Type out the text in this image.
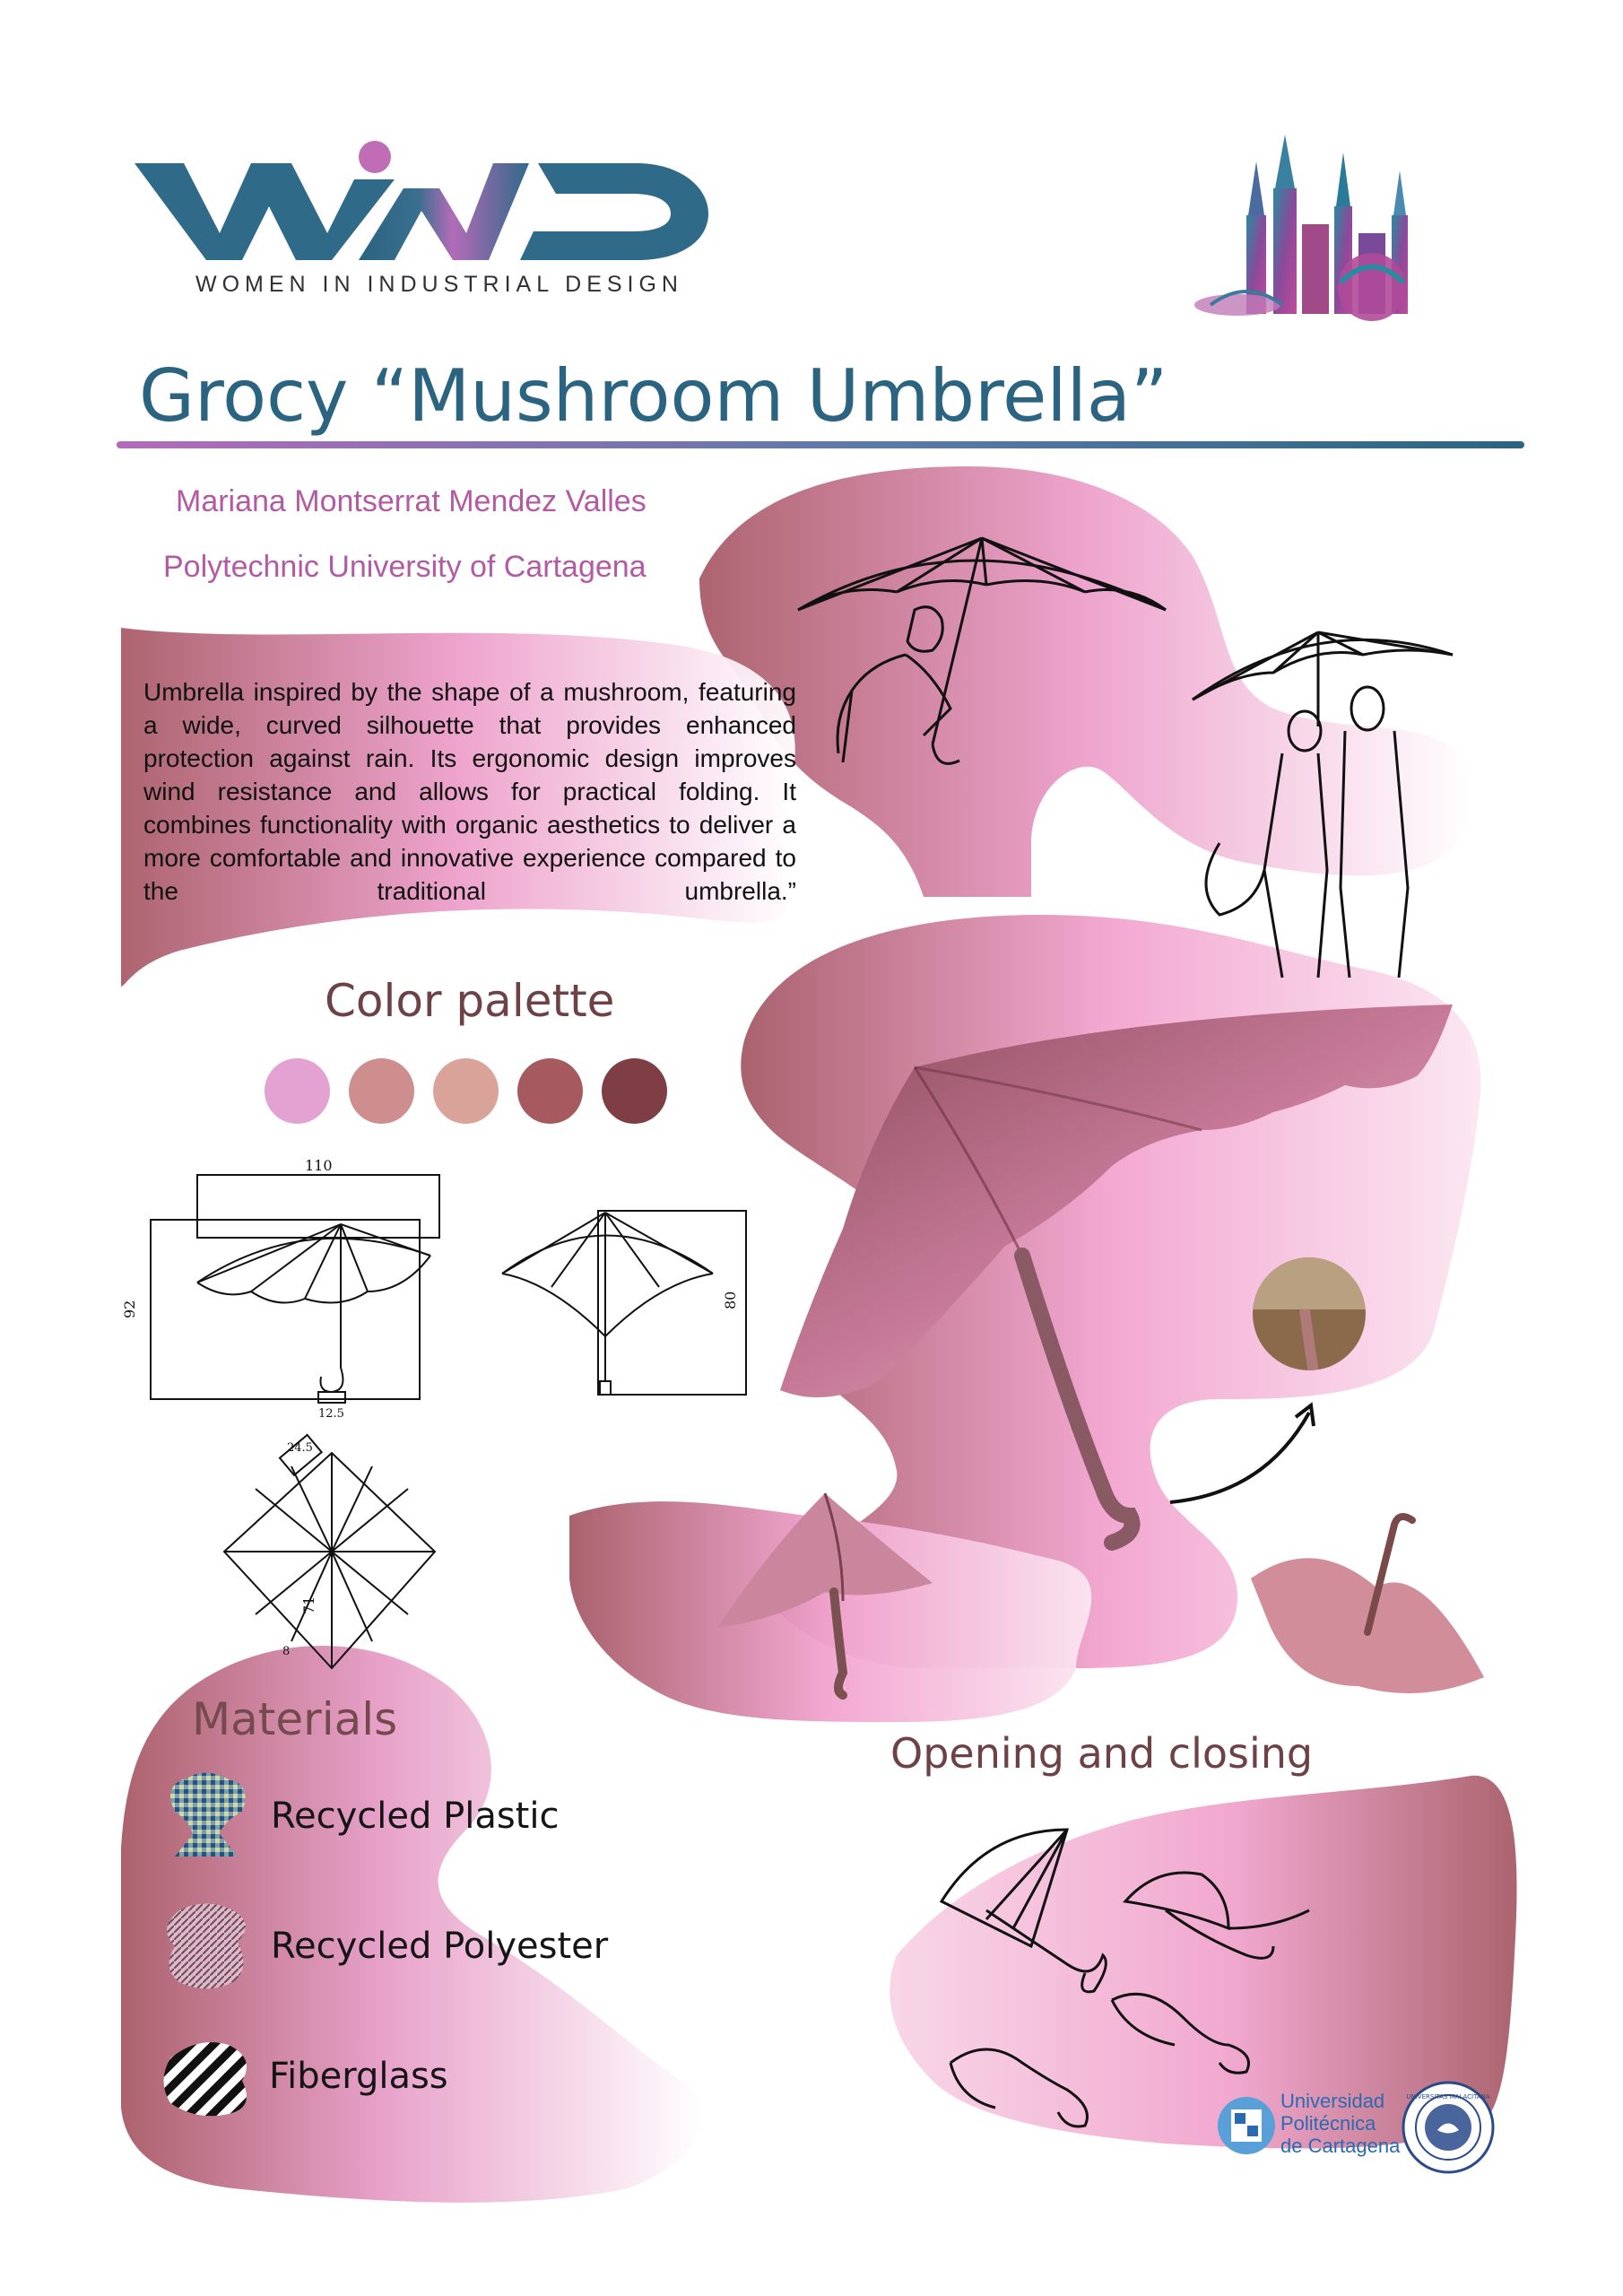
WIND
WOMEN IN INDUSTRIAL DESIGN
Grocy “Mushroom Umbrella”
Mariana Montserrat Mendez Valles
Polytechnic University of Cartagena
Umbrella inspired by the shape of a mushroom, featuring a wide, curved silhouette that provides enhanced protection against rain. Its ergonomic design improves wind resistance and allows for practical folding. It combines functionality with organic aesthetics to deliver a more comfortable and innovative experience compared to the traditional umbrella.”
Color palette
110
92
12.5
80
24.5
71
8
Materials
Recycled Plastic
Recycled Polyester
Fiberglass
Opening and closing
Universidad
Politécnica
de Cartagena
UNIVERSITAS MALACITANA
